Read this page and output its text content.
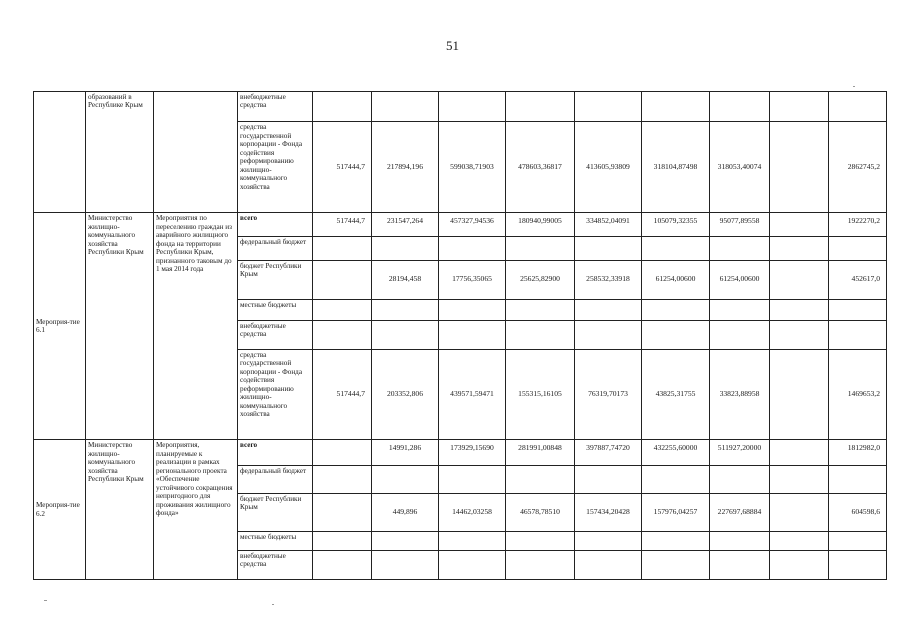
51
	образований в Республике Крым		внебюджетные средства									
			средства государственной корпорации - Фонда содействия реформированию жилищно-коммунального хозяйства	517444,7	217894,196	599038,71903	478603,36817	413605,93809	318104,87498	318053,40074		2862745,2
Мероприя-тие 6.1	Министерство жилищно-коммунального хозяйства Республики Крым	Мероприятия по переселению граждан из аварийного жилищного фонда на территории Республики Крым, признанного таковым до 1 мая 2014 года	всего	517444,7	231547,264	457327,94536	180940,99005	334852,04091	105079,32355	95077,89558		1922270,2
			федеральный бюджет									
			бюджет Республики Крым		28194,458	17756,35065	25625,82900	258532,33918	61254,00600	61254,00600		452617,0
			местные бюджеты									
			внебюджетные средства									
			средства государственной корпорации - Фонда содействия реформированию жилищно-коммунального хозяйства	517444,7	203352,806	439571,59471	155315,16105	76319,70173	43825,31755	33823,88958		1469653,2
Мероприя-тие 6.2	Министерство жилищно-коммунального хозяйства Республики Крым	Мероприятия, планируемые к реализации в рамках регионального проекта «Обеспечение устойчивого сокращения непригодного для проживания жилищного фонда»	всего		14991,286	173929,15690	281991,00848	397887,74720	432255,60000	511927,20000		1812982,0
			федеральный бюджет									
			бюджет Республики Крым		449,896	14462,03258	46578,78510	157434,20428	157976,04257	227697,68884		604598,6
			местные бюджеты									
			внебюджетные средства									
